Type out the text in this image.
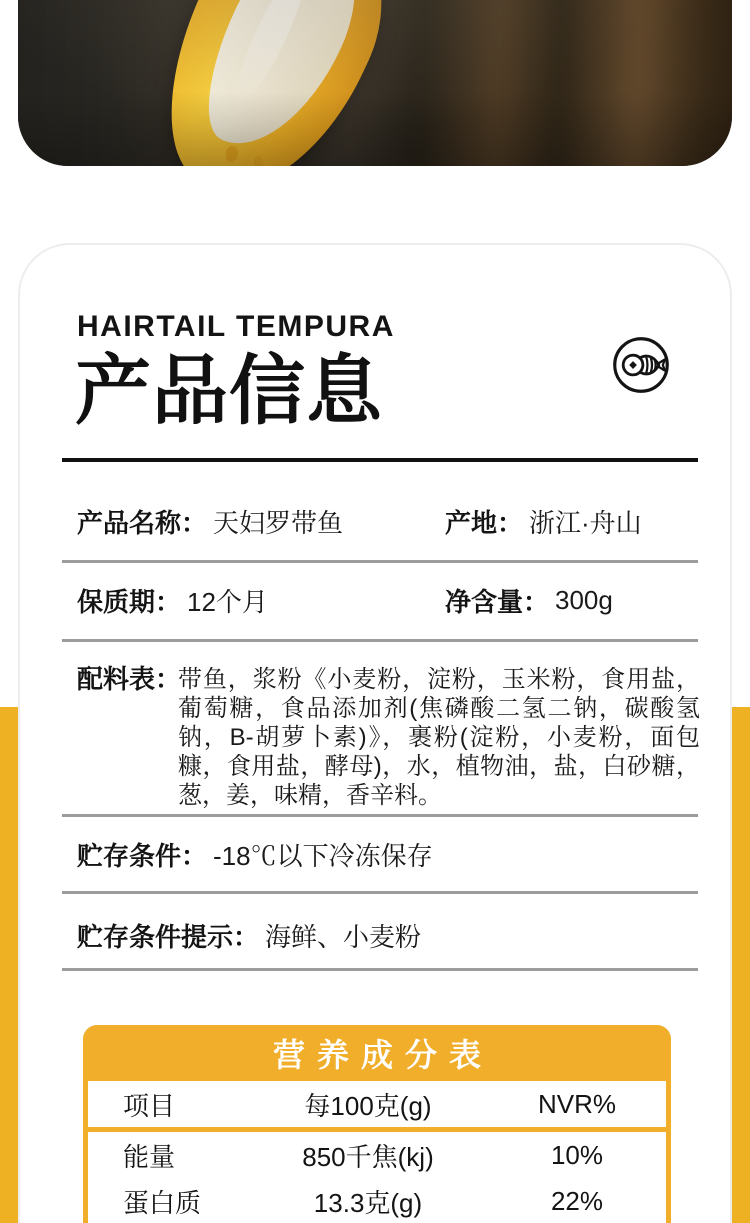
HAIRTAIL TEMPURA
产品信息
产品名称： 天妇罗带鱼	产地： 浙江·舟山
保质期： 12个月	净含量： 300g
配料表：
带鱼，浆粉《小麦粉，淀粉，玉米粉，食用盐，葡萄糖，食品添加剂(焦磷酸二氢二钠，碳酸氢钠，B-胡萝卜素)》，裹粉(淀粉，小麦粉，面包糠，食用盐，酵母)，水，植物油，盐，白砂糖，葱，姜，味精，香辛料。
贮存条件： -18℃以下冷冻保存
贮存条件提示： 海鲜、小麦粉
营养成分表
项目	每100克(g)	NVR%
能量	850千焦(kj)	10%
蛋白质	13.3克(g)	22%
